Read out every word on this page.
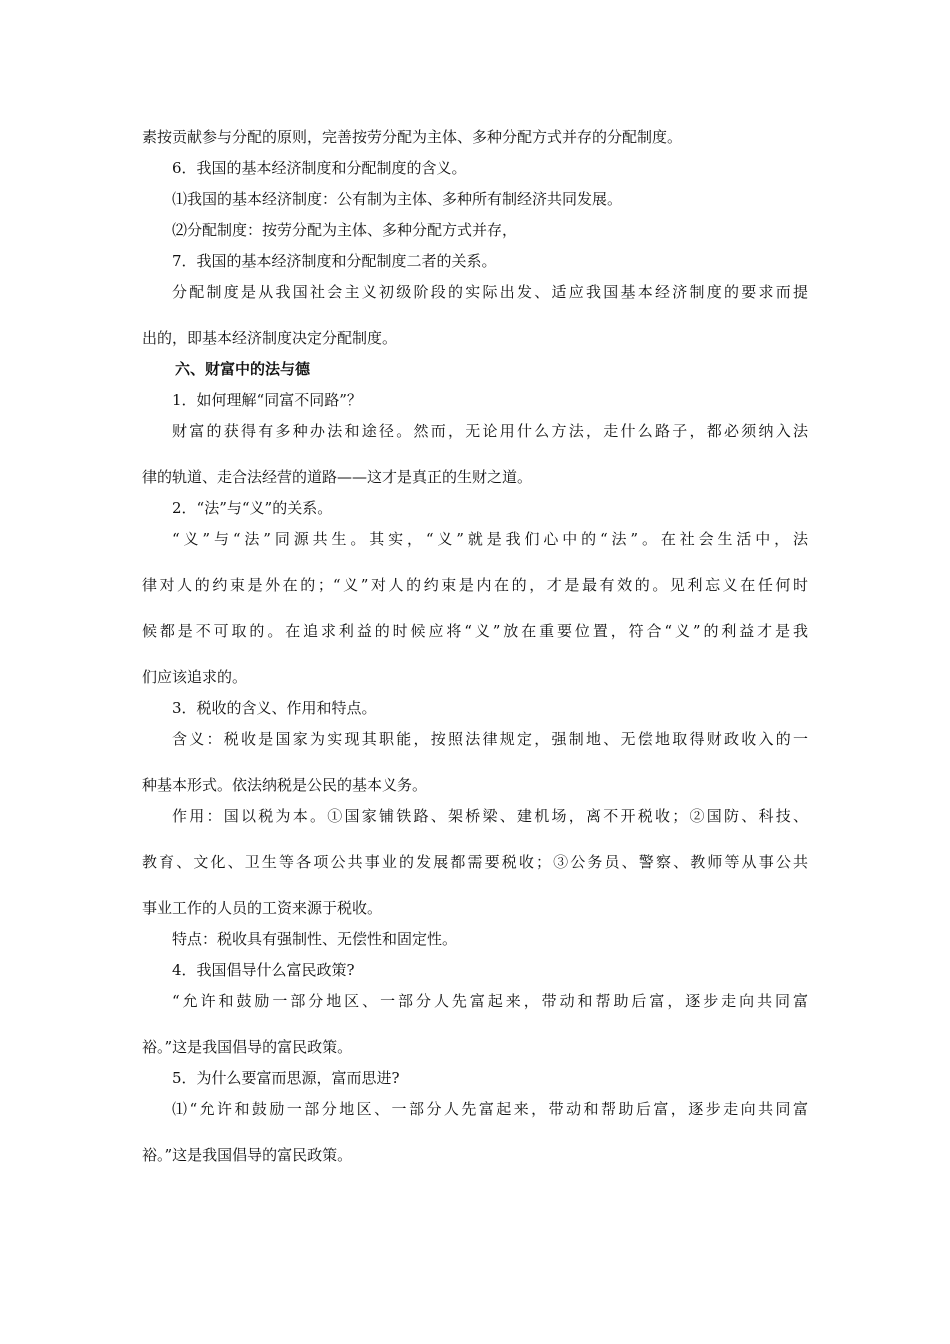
素按贡献参与分配的原则，完善按劳分配为主体、多种分配方式并存的分配制度。
6．我国的基本经济制度和分配制度的含义。
⑴我国的基本经济制度：公有制为主体、多种所有制经济共同发展。
⑵分配制度：按劳分配为主体、多种分配方式并存，
7．我国的基本经济制度和分配制度二者的关系。
分配制度是从我国社会主义初级阶段的实际出发、适应我国基本经济制度的要求而提
出的，即基本经济制度决定分配制度。
六、财富中的法与德
1．如何理解“同富不同路”？
财富的获得有多种办法和途径。然而，无论用什么方法，走什么路子，都必须纳入法
律的轨道、走合法经营的道路——这才是真正的生财之道。
2．“法”与“义”的关系。
“义”与“法”同源共生。其实，“义”就是我们心中的“法”。在社会生活中，法
律对人的约束是外在的；“义”对人的约束是内在的，才是最有效的。见利忘义在任何时
候都是不可取的。在追求利益的时候应将“义”放在重要位置，符合“义”的利益才是我
们应该追求的。
3．税收的含义、作用和特点。
含义：税收是国家为实现其职能，按照法律规定，强制地、无偿地取得财政收入的一
种基本形式。依法纳税是公民的基本义务。
作用：国以税为本。①国家铺铁路、架桥梁、建机场，离不开税收；②国防、科技、
教育、文化、卫生等各项公共事业的发展都需要税收；③公务员、警察、教师等从事公共
事业工作的人员的工资来源于税收。
特点：税收具有强制性、无偿性和固定性。
4．我国倡导什么富民政策?
“允许和鼓励一部分地区、一部分人先富起来，带动和帮助后富，逐步走向共同富
裕。”这是我国倡导的富民政策。
5．为什么要富而思源，富而思进?
⑴“允许和鼓励一部分地区、一部分人先富起来，带动和帮助后富，逐步走向共同富
裕。”这是我国倡导的富民政策。
